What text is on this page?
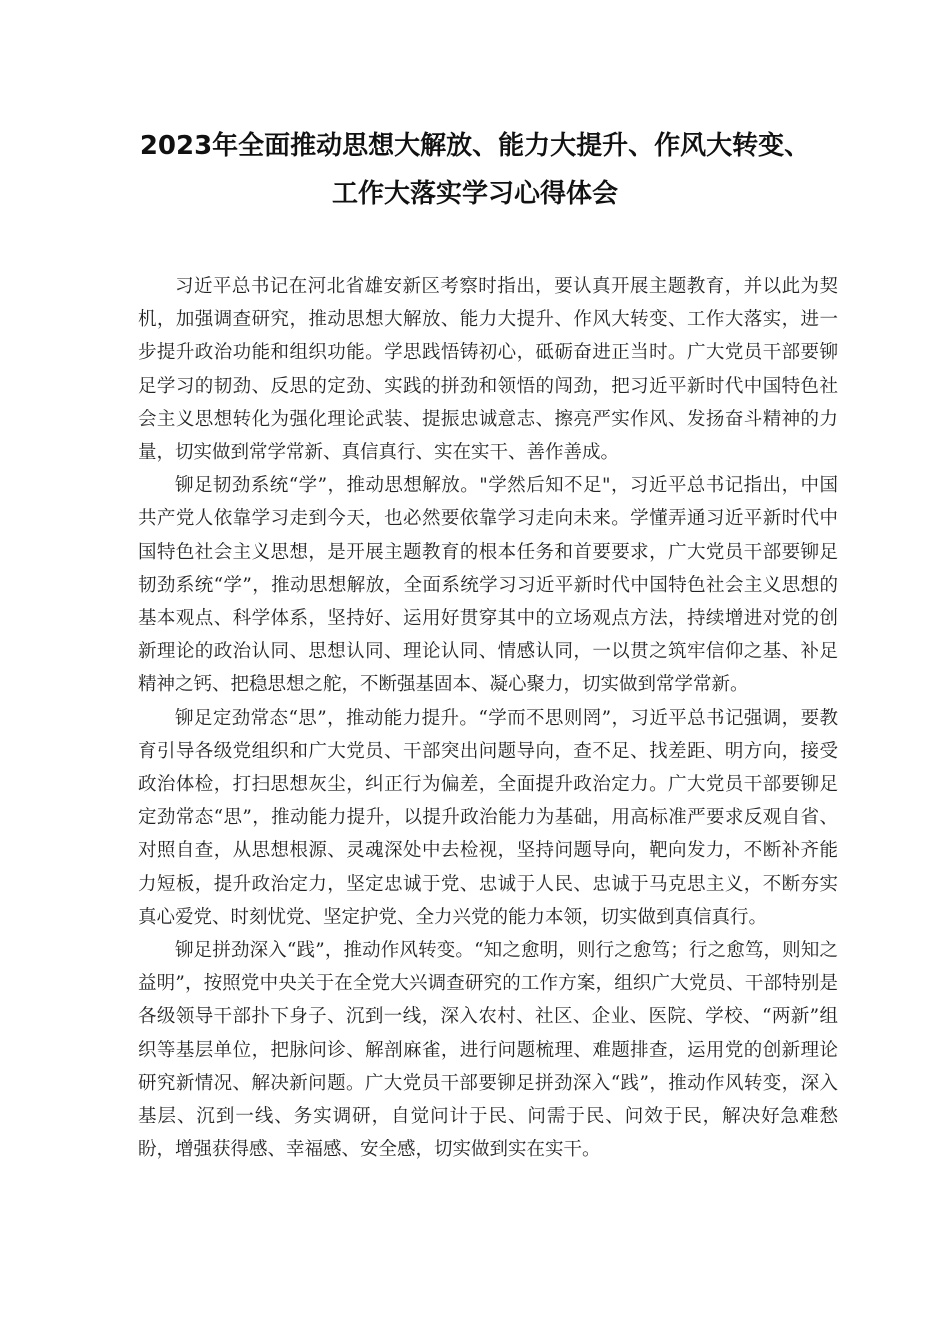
2023年全面推动思想大解放、能力大提升、作风大转变、
工作大落实学习心得体会

习近平总书记在河北省雄安新区考察时指出，要认真开展主题教育，并以此为契机，加强调查研究，推动思想大解放、能力大提升、作风大转变、工作大落实，进一步提升政治功能和组织功能。学思践悟铸初心，砥砺奋进正当时。广大党员干部要铆足学习的韧劲、反思的定劲、实践的拼劲和领悟的闯劲，把习近平新时代中国特色社会主义思想转化为强化理论武装、提振忠诚意志、擦亮严实作风、发扬奋斗精神的力量，切实做到常学常新、真信真行、实在实干、善作善成。

铆足韧劲系统“学”，推动思想解放。"学然后知不足"，习近平总书记指出，中国共产党人依靠学习走到今天，也必然要依靠学习走向未来。学懂弄通习近平新时代中国特色社会主义思想，是开展主题教育的根本任务和首要要求，广大党员干部要铆足韧劲系统“学”，推动思想解放，全面系统学习习近平新时代中国特色社会主义思想的基本观点、科学体系，坚持好、运用好贯穿其中的立场观点方法，持续增进对党的创新理论的政治认同、思想认同、理论认同、情感认同，一以贯之筑牢信仰之基、补足精神之钙、把稳思想之舵，不断强基固本、凝心聚力，切实做到常学常新。

铆足定劲常态“思”，推动能力提升。“学而不思则罔”，习近平总书记强调，要教育引导各级党组织和广大党员、干部突出问题导向，查不足、找差距、明方向，接受政治体检，打扫思想灰尘，纠正行为偏差，全面提升政治定力。广大党员干部要铆足定劲常态“思”，推动能力提升，以提升政治能力为基础，用高标准严要求反观自省、对照自查，从思想根源、灵魂深处中去检视，坚持问题导向，靶向发力，不断补齐能力短板，提升政治定力，坚定忠诚于党、忠诚于人民、忠诚于马克思主义，不断夯实真心爱党、时刻忧党、坚定护党、全力兴党的能力本领，切实做到真信真行。

铆足拼劲深入“践”，推动作风转变。“知之愈明，则行之愈笃；行之愈笃，则知之益明”，按照党中央关于在全党大兴调查研究的工作方案，组织广大党员、干部特别是各级领导干部扑下身子、沉到一线，深入农村、社区、企业、医院、学校、“两新”组织等基层单位，把脉问诊、解剖麻雀，进行问题梳理、难题排查，运用党的创新理论研究新情况、解决新问题。广大党员干部要铆足拼劲深入“践”，推动作风转变，深入基层、沉到一线、务实调研，自觉问计于民、问需于民、问效于民，解决好急难愁盼，增强获得感、幸福感、安全感，切实做到实在实干。
